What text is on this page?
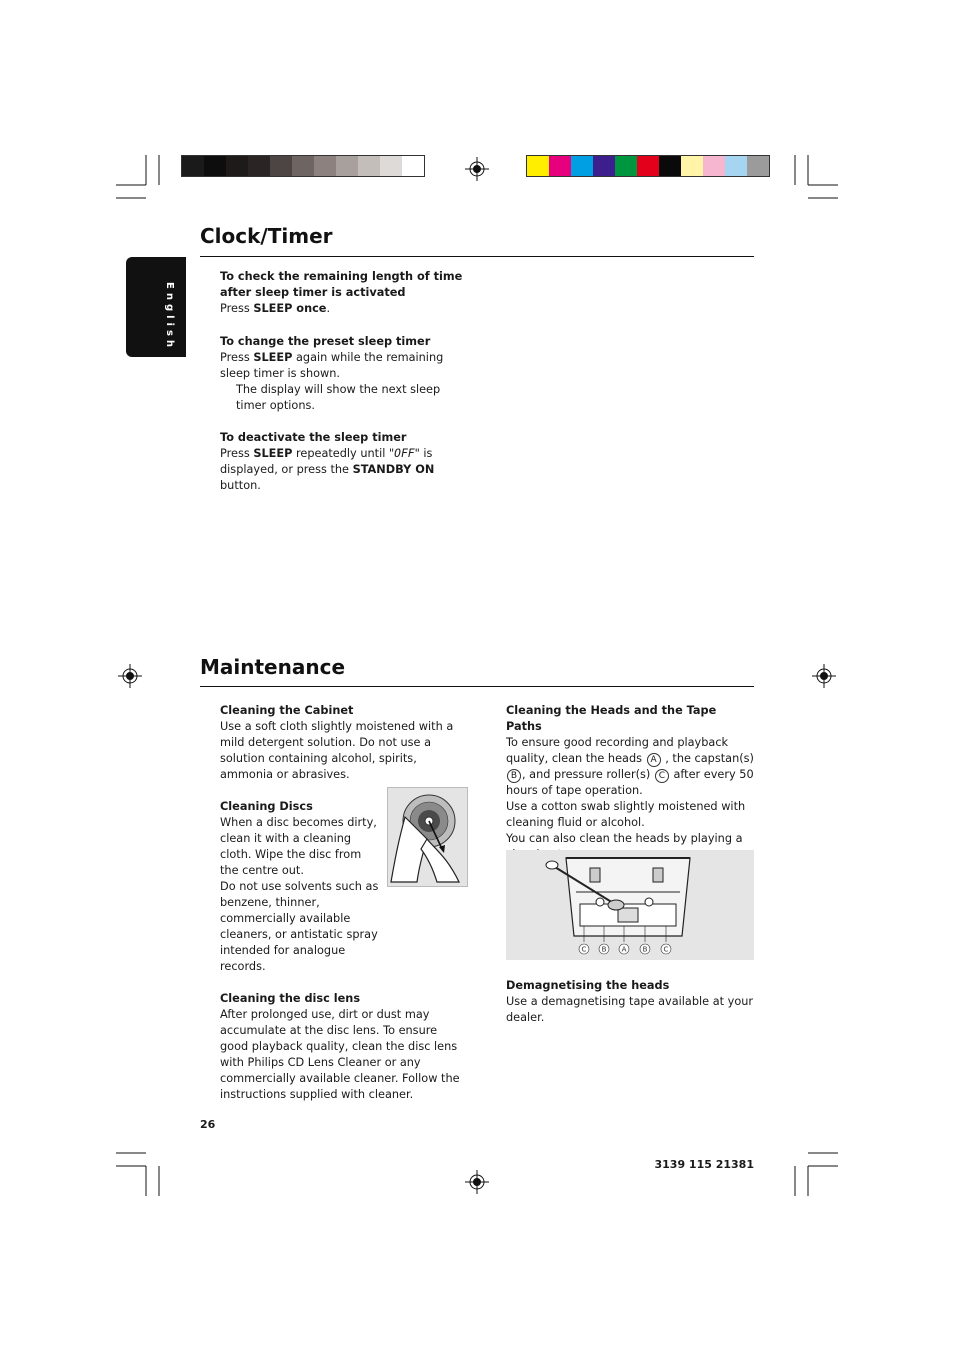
English
Clock/Timer

To check the remaining length of time after sleep timer is activated

Press SLEEP once.

To change the preset sleep timer

Press SLEEP again while the remaining sleep timer is shown.

The display will show the next sleep timer options.

To deactivate the sleep timer

Press SLEEP repeatedly until "OFF" is displayed, or press the STANDBY ON button.

Maintenance

Cleaning the Cabinet

Use a soft cloth slightly moistened with a mild detergent solution. Do not use a solution containing alcohol, spirits, ammonia or abrasives.

Cleaning Discs

When a disc becomes dirty, clean it with a cleaning cloth. Wipe the disc from the centre out.

Do not use solvents such as benzene, thinner, commercially available cleaners, or antistatic spray intended for analogue records.

Cleaning the disc lens

After prolonged use, dirt or dust may accumulate at the disc lens. To ensure good playback quality, clean the disc lens with Philips CD Lens Cleaner or any commercially available cleaner. Follow the instructions supplied with cleaner.

Cleaning the Heads and the Tape Paths

To ensure good recording and playback quality, clean the heads A , the capstan(s) B , and pressure roller(s) C after every 50 hours of tape operation.

Use a cotton swab slightly moistened with cleaning fluid or alcohol.

You can also clean the heads by playing a

C B A B C

Demagnetising the heads

Use a demagnetising tape available at your dealer.

26
3139 115 21381
